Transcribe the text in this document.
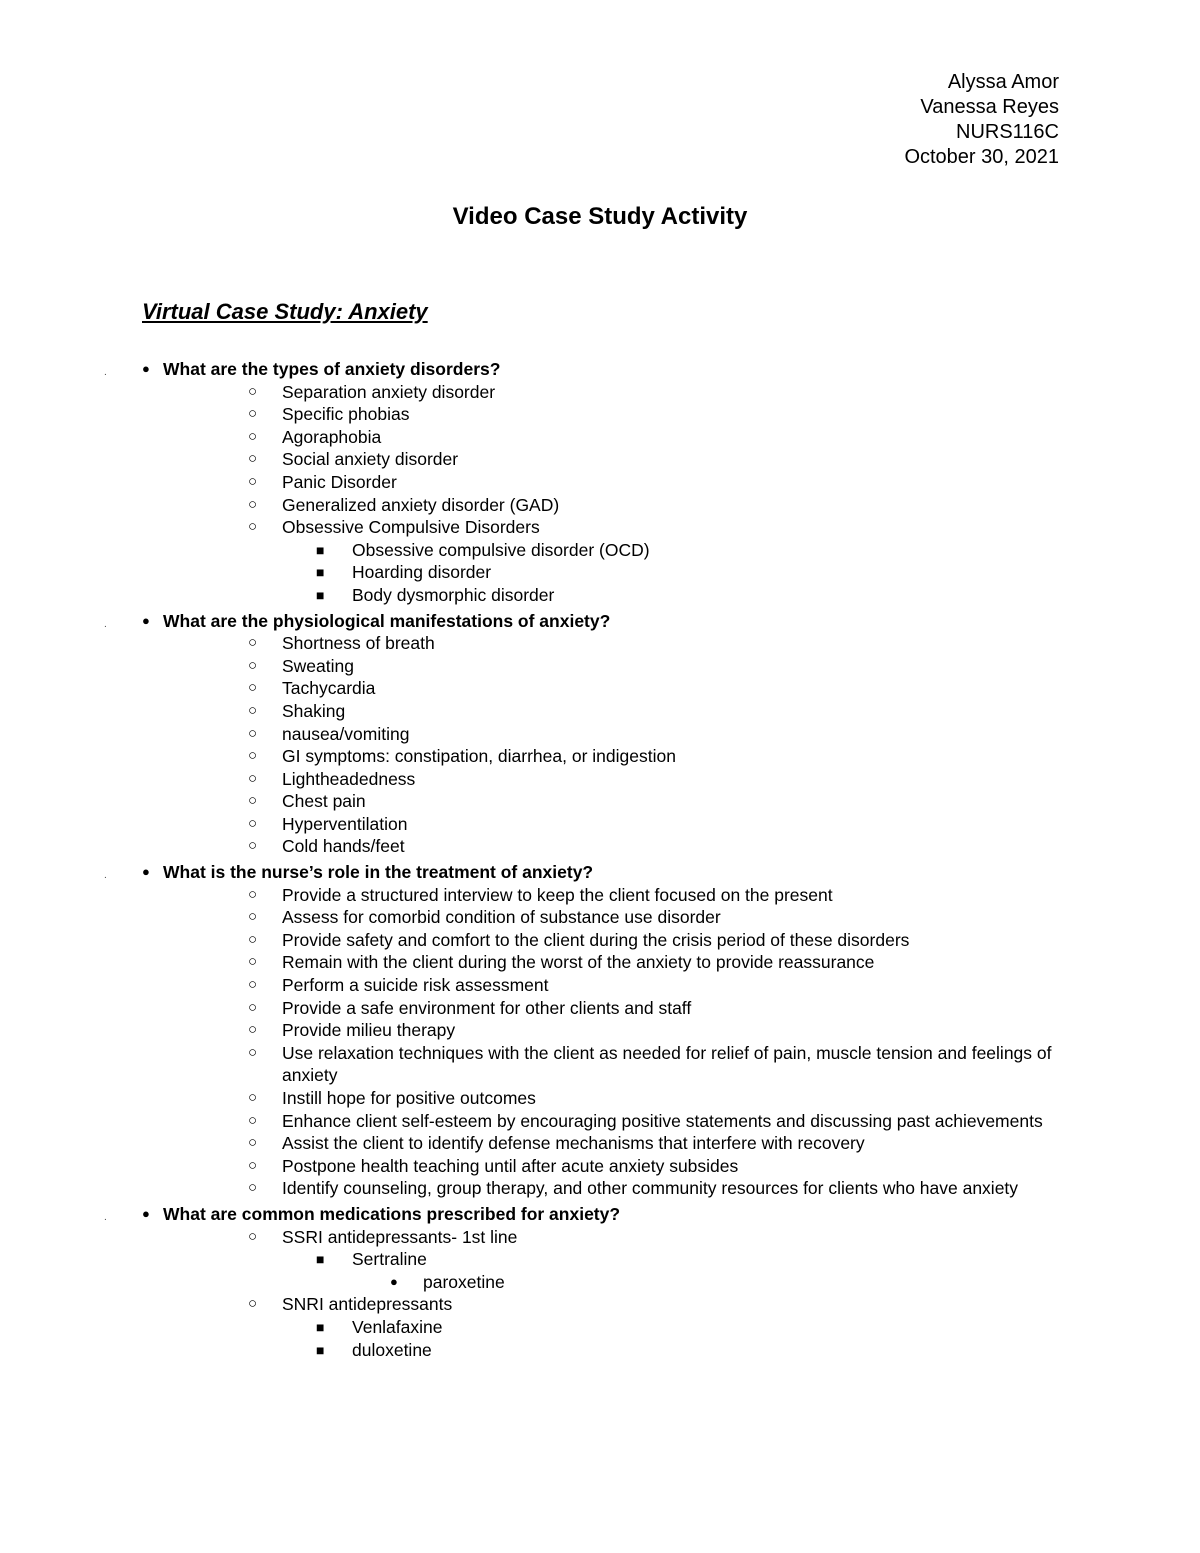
Alyssa Amor
Vanessa Reyes
NURS116C
October 30, 2021
Video Case Study Activity
Virtual Case Study: Anxiety
.	● What are the types of anxiety disorders?
○ Separation anxiety disorder
○ Specific phobias
○ Agoraphobia
○ Social anxiety disorder
○ Panic Disorder
○ Generalized anxiety disorder (GAD)
○ Obsessive Compulsive Disorders
■ Obsessive compulsive disorder (OCD)
■ Hoarding disorder
■ Body dysmorphic disorder
.	● What are the physiological manifestations of anxiety?
○ Shortness of breath
○ Sweating
○ Tachycardia
○ Shaking
○ nausea/vomiting
○ GI symptoms: constipation, diarrhea, or indigestion
○ Lightheadedness
○ Chest pain
○ Hyperventilation
○ Cold hands/feet
.	● What is the nurse’s role in the treatment of anxiety?
○ Provide a structured interview to keep the client focused on the present
○ Assess for comorbid condition of substance use disorder
○ Provide safety and comfort to the client during the crisis period of these disorders
○ Remain with the client during the worst of the anxiety to provide reassurance
○ Perform a suicide risk assessment
○ Provide a safe environment for other clients and staff
○ Provide milieu therapy
○ Use relaxation techniques with the client as needed for relief of pain, muscle tension and feelings of anxiety
○ Instill hope for positive outcomes
○ Enhance client self-esteem by encouraging positive statements and discussing past achievements
○ Assist the client to identify defense mechanisms that interfere with recovery
○ Postpone health teaching until after acute anxiety subsides
○ Identify counseling, group therapy, and other community resources for clients who have anxiety
.	● What are common medications prescribed for anxiety?
○ SSRI antidepressants- 1st line
■ Sertraline
● paroxetine
○ SNRI antidepressants
■ Venlafaxine
■ duloxetine
